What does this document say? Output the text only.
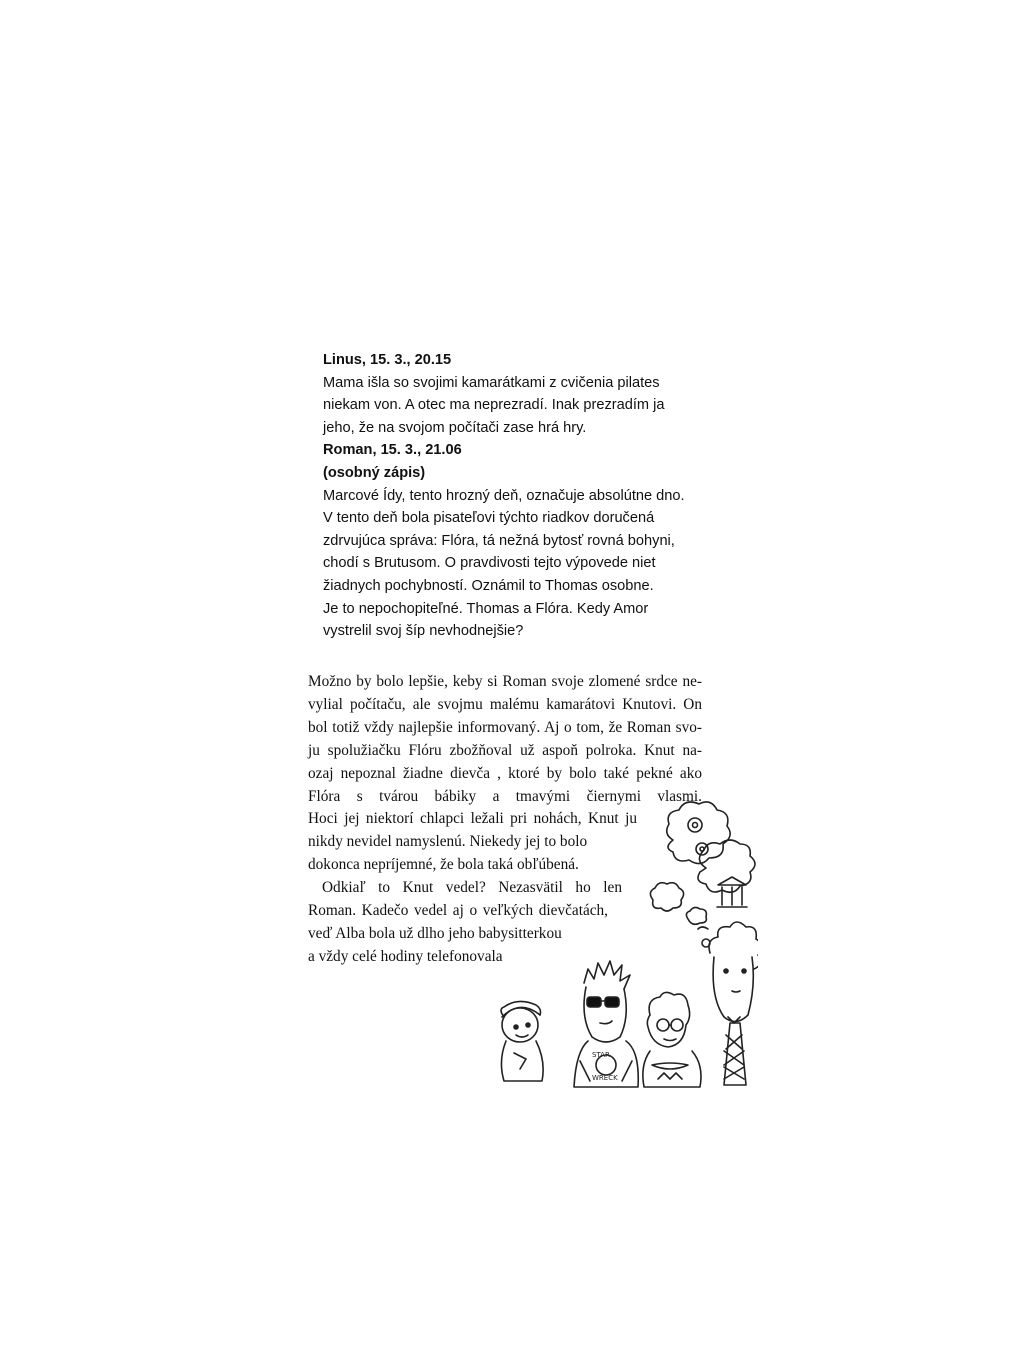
Linus, 15. 3., 20.15
Mama išla so svojimi kamarátkami z cvičenia pilates
niekam von. A otec ma neprezradí. Inak prezradím ja
jeho, že na svojom počítači zase hrá hry.
Roman, 15. 3., 21.06
(osobný zápis)
Marcové Ídy, tento hrozný deň, označuje absolútne dno.
V tento deň bola pisateľovi týchto riadkov doručená
zdrvujúca správa: Flóra, tá nežná bytosť rovná bohyni,
chodí s Brutusom. O pravdivosti tejto výpovede niet
žiadnych pochybností. Oznámil to Thomas osobne.
Je to nepochopiteľné. Thomas a Flóra. Kedy Amor
vystrelil svoj šíp nevhodnejšie?
Možno by bolo lepšie, keby si Roman svoje zlomené srdce ne-
vylial počítaču, ale svojmu malému kamarátovi Knutovi. On
bol totiž vždy najlepšie informovaný. Aj o tom, že Roman svo-
ju spolužiačku Flóru zbožňoval už aspoň polroka. Knut na-
ozaj nepoznal žiadne dievča , ktoré by bolo také pekné ako
Flóra s tvárou bábiky a tmavými čiernymi vlasmi.
Hoci jej niektorí chlapci ležali pri nohách, Knut ju
nikdy nevidel namyslenú. Niekedy jej to bolo
dokonca nepríjemné, že bola taká obľúbená.
Odkiaľ to Knut vedel? Nezasvätil ho len
Roman. Kadečo vedel aj o veľkých dievčatách,
veď Alba bola už dlho jeho babysitterkou
a vždy celé hodiny telefonovala
STAR
WRECK
